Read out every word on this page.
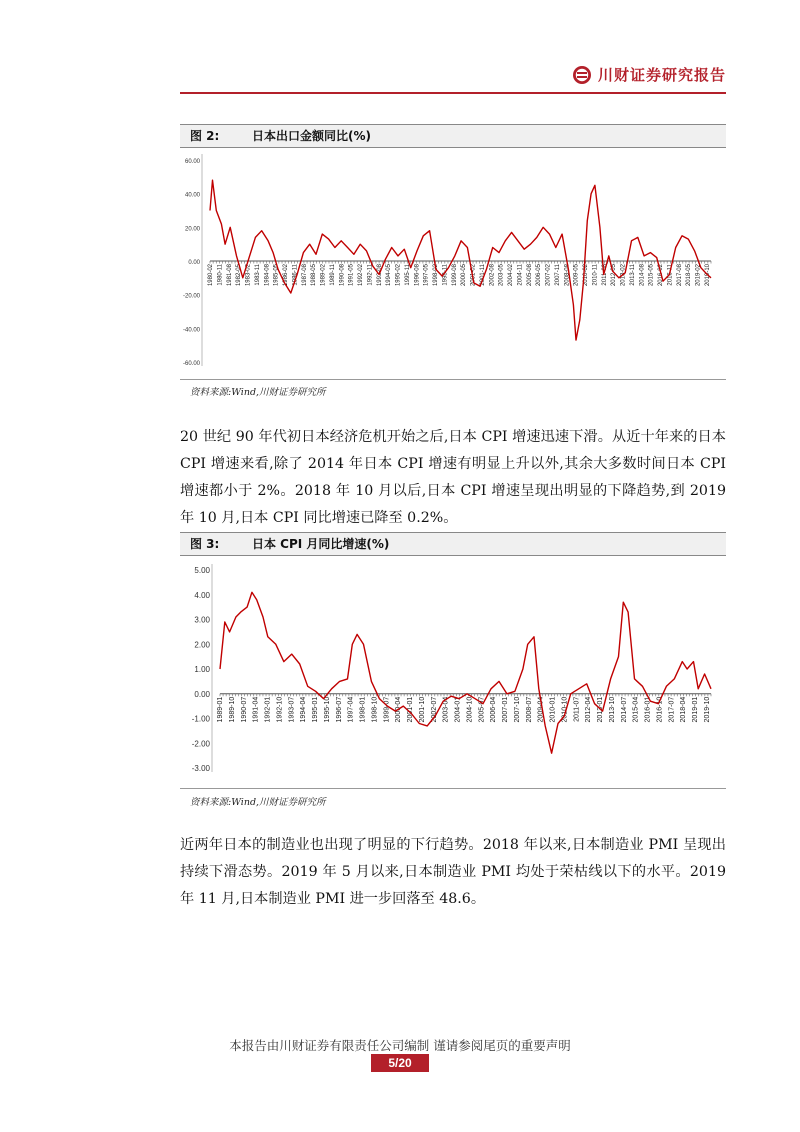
川财证券研究报告
图 2:	日本出口金额同比(%)
60.00
40.00
20.00
0.00
-20.00
-40.00
-60.00
1980-02 1980-11 1981-08 1982-05 1983-02 1983-11 1984-08 1985-05 1986-02 1986-11 1987-08 1988-05 1989-02 1989-11 1990-08 1991-05 1992-02 1992-11 1993-08 1994-05 1995-02 1995-11 1996-08 1997-05 1998-02 1998-11 1999-08 2000-05 2001-02 2001-11 2002-08 2003-05 2004-02 2004-11 2005-08 2006-05 2007-02 2007-11 2008-08 2009-05 2010-02 2010-11 2011-08 2012-05 2013-02 2013-11 2014-08 2015-05 2016-02 2016-11 2017-08 2018-05 2019-02 2019-10
资料来源:Wind,川财证券研究所
20 世纪 90 年代初日本经济危机开始之后,日本 CPI 增速迅速下滑。从近十年来的日本 CPI 增速来看,除了 2014 年日本 CPI 增速有明显上升以外,其余大多数时间日本 CPI 增速都小于 2%。2018 年 10 月以后,日本 CPI 增速呈现出明显的下降趋势,到 2019 年 10 月,日本 CPI 同比增速已降至 0.2%。
图 3:	日本 CPI 月同比增速(%)
5.00
4.00
3.00
2.00
1.00
0.00
-1.00
-2.00
-3.00
1989-01 1989-10 1990-07 1991-04 1992-01 1992-10 1993-07 1994-04 1995-01 1995-10 1996-07 1997-04 1998-01 1998-10 1999-07 2000-04 2001-01 2001-10 2002-07 2003-04 2004-01 2004-10 2005-07 2006-04 2007-01 2007-10 2008-07 2009-04 2010-01 2010-10 2011-07 2012-04 2013-01 2013-10 2014-07 2015-04 2016-01 2016-10 2017-07 2018-04 2019-01 2019-10
资料来源:Wind,川财证券研究所
近两年日本的制造业也出现了明显的下行趋势。2018 年以来,日本制造业 PMI 呈现出持续下滑态势。2019 年 5 月以来,日本制造业 PMI 均处于荣枯线以下的水平。2019 年 11 月,日本制造业 PMI 进一步回落至 48.6。
本报告由川财证券有限责任公司编制 谨请参阅尾页的重要声明
5/20
